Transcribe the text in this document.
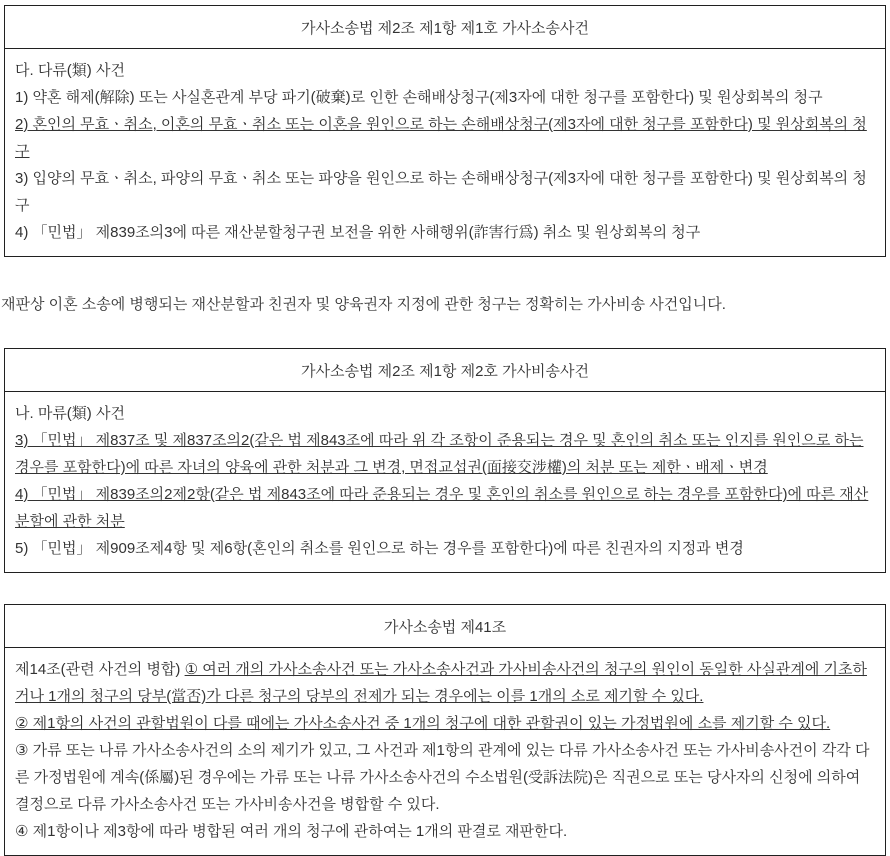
가사소송법 제2조 제1항 제1호 가사소송사건

다. 다류(類) 사건

1) 약혼 해제(解除) 또는 사실혼관계 부당 파기(破棄)로 인한 손해배상청구(제3자에 대한 청구를 포함한다) 및 원상회복의 청구

2) 혼인의 무효ㆍ취소, 이혼의 무효ㆍ취소 또는 이혼을 원인으로 하는 손해배상청구(제3자에 대한 청구를 포함한다) 및 원상회복의 청구

3) 입양의 무효ㆍ취소, 파양의 무효ㆍ취소 또는 파양을 원인으로 하는 손해배상청구(제3자에 대한 청구를 포함한다) 및 원상회복의 청구

4) 「민법」 제839조의3에 따른 재산분할청구권 보전을 위한 사해행위(詐害行爲) 취소 및 원상회복의 청구

재판상 이혼 소송에 병행되는 재산분할과 친권자 및 양육권자 지정에 관한 청구는 정확히는 가사비송 사건입니다.

가사소송법 제2조 제1항 제2호 가사비송사건

나. 마류(類) 사건

3) 「민법」 제837조 및 제837조의2(같은 법 제843조에 따라 위 각 조항이 준용되는 경우 및 혼인의 취소 또는 인지를 원인으로 하는 경우를 포함한다)에 따른 자녀의 양육에 관한 처분과 그 변경, 면접교섭권(面接交涉權)의 처분 또는 제한ㆍ배제ㆍ변경

4) 「민법」 제839조의2제2항(같은 법 제843조에 따라 준용되는 경우 및 혼인의 취소를 원인으로 하는 경우를 포함한다)에 따른 재산분할에 관한 처분

5) 「민법」 제909조제4항 및 제6항(혼인의 취소를 원인으로 하는 경우를 포함한다)에 따른 친권자의 지정과 변경

가사소송법 제41조

제14조(관련 사건의 병합) ① 여러 개의 가사소송사건 또는 가사소송사건과 가사비송사건의 청구의 원인이 동일한 사실관계에 기초하거나 1개의 청구의 당부(當否)가 다른 청구의 당부의 전제가 되는 경우에는 이를 1개의 소로 제기할 수 있다.

② 제1항의 사건의 관할법원이 다를 때에는 가사소송사건 중 1개의 청구에 대한 관할권이 있는 가정법원에 소를 제기할 수 있다.

③ 가류 또는 나류 가사소송사건의 소의 제기가 있고, 그 사건과 제1항의 관계에 있는 다류 가사소송사건 또는 가사비송사건이 각각 다른 가정법원에 계속(係屬)된 경우에는 가류 또는 나류 가사소송사건의 수소법원(受訴法院)은 직권으로 또는 당사자의 신청에 의하여 결정으로 다류 가사소송사건 또는 가사비송사건을 병합할 수 있다.

④ 제1항이나 제3항에 따라 병합된 여러 개의 청구에 관하여는 1개의 판결로 재판한다.
